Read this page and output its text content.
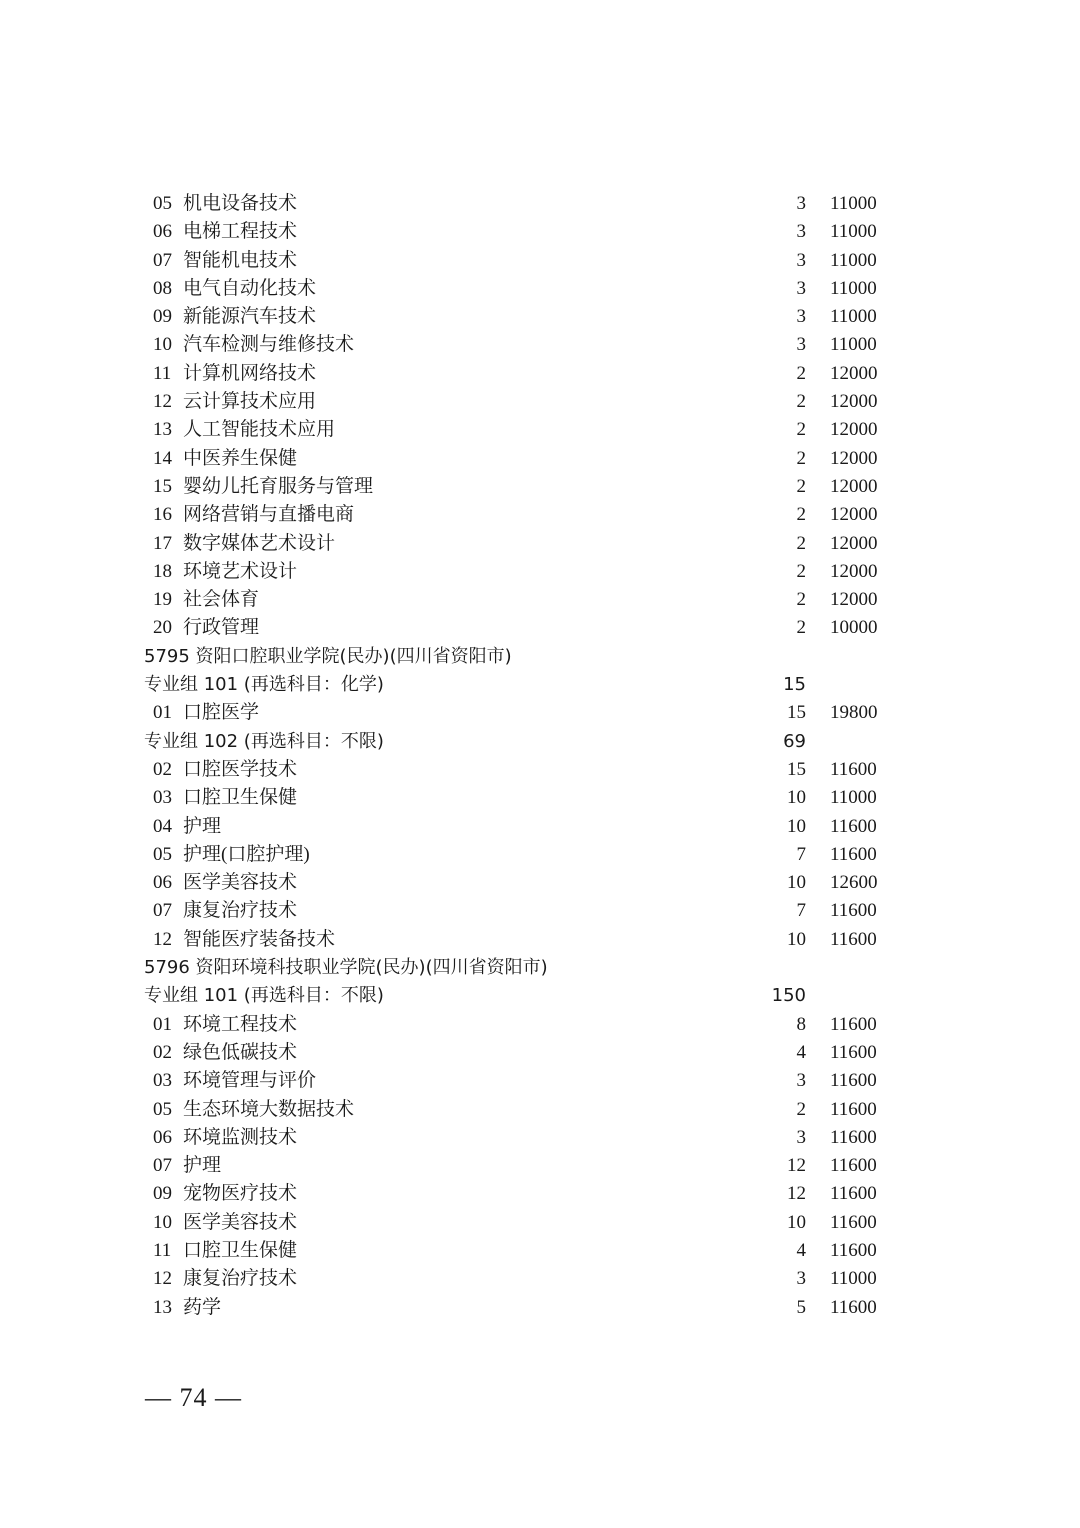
05 机电设备技术	3 11000
06 电梯工程技术	3 11000
07 智能机电技术	3 11000
08 电气自动化技术	3 11000
09 新能源汽车技术	3 11000
10 汽车检测与维修技术	3 11000
11 计算机网络技术	2 12000
12 云计算技术应用	2 12000
13 人工智能技术应用	2 12000
14 中医养生保健	2 12000
15 婴幼儿托育服务与管理	2 12000
16 网络营销与直播电商	2 12000
17 数字媒体艺术设计	2 12000
18 环境艺术设计	2 12000
19 社会体育	2 12000
20 行政管理	2 10000
5795 资阳口腔职业学院(民办)(四川省资阳市)
专业组 101 (再选科目：化学)	15
01 口腔医学	15 19800
专业组 102 (再选科目：不限)	69
02 口腔医学技术	15 11600
03 口腔卫生保健	10 11000
04 护理	10 11600
05 护理(口腔护理)	7 11600
06 医学美容技术	10 12600
07 康复治疗技术	7 11600
12 智能医疗装备技术	10 11600
5796 资阳环境科技职业学院(民办)(四川省资阳市)
专业组 101 (再选科目：不限)	150
01 环境工程技术	8 11600
02 绿色低碳技术	4 11600
03 环境管理与评价	3 11600
05 生态环境大数据技术	2 11600
06 环境监测技术	3 11600
07 护理	12 11600
09 宠物医疗技术	12 11600
10 医学美容技术	10 11600
11 口腔卫生保健	4 11600
12 康复治疗技术	3 11000
13 药学	5 11600
— 74 —
